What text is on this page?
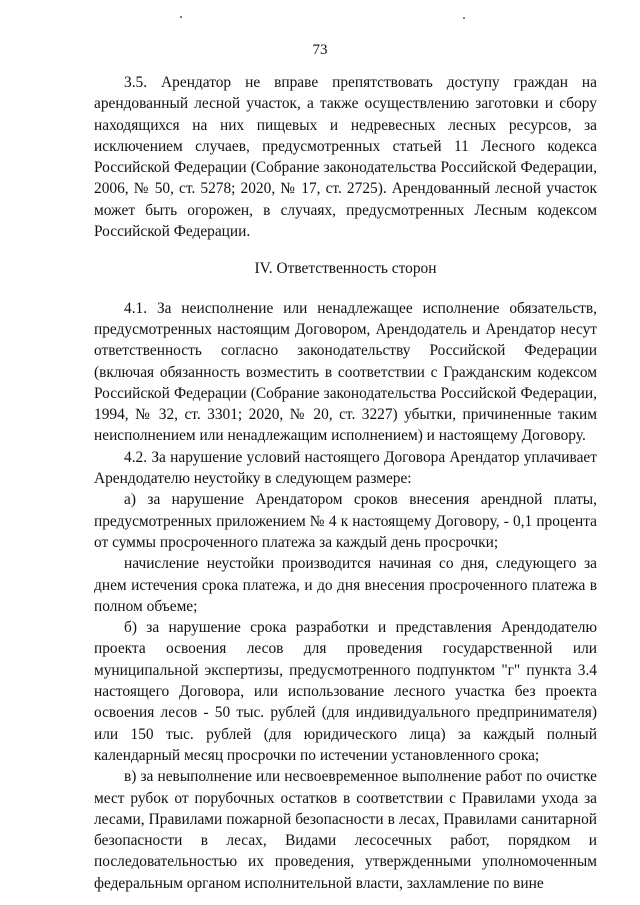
73

3.5. Арендатор не вправе препятствовать доступу граждан на арендованный лесной участок, а также осуществлению заготовки и сбору находящихся на них пищевых и недревесных лесных ресурсов, за исключением случаев, предусмотренных статьей 11 Лесного кодекса Российской Федерации (Собрание законодательства Российской Федерации, 2006, № 50, ст. 5278; 2020, № 17, ст. 2725). Арендованный лесной участок может быть огорожен, в случаях, предусмотренных Лесным кодексом Российской Федерации.

IV. Ответственность сторон

4.1. За неисполнение или ненадлежащее исполнение обязательств, предусмотренных настоящим Договором, Арендодатель и Арендатор несут ответственность согласно законодательству Российской Федерации (включая обязанность возместить в соответствии с Гражданским кодексом Российской Федерации (Собрание законодательства Российской Федерации, 1994, № 32, ст. 3301; 2020, № 20, ст. 3227) убытки, причиненные таким неисполнением или ненадлежащим исполнением) и настоящему Договору.

4.2. За нарушение условий настоящего Договора Арендатор уплачивает Арендодателю неустойку в следующем размере:

а) за нарушение Арендатором сроков внесения арендной платы, предусмотренных приложением № 4 к настоящему Договору, - 0,1 процента от суммы просроченного платежа за каждый день просрочки;

начисление неустойки производится начиная со дня, следующего за днем истечения срока платежа, и до дня внесения просроченного платежа в полном объеме;

б) за нарушение срока разработки и представления Арендодателю проекта освоения лесов для проведения государственной или муниципальной экспертизы, предусмотренного подпунктом "г" пункта 3.4 настоящего Договора, или использование лесного участка без проекта освоения лесов - 50 тыс. рублей (для индивидуального предпринимателя) или 150 тыс. рублей (для юридического лица) за каждый полный календарный месяц просрочки по истечении установленного срока;

в) за невыполнение или несвоевременное выполнение работ по очистке мест рубок от порубочных остатков в соответствии с Правилами ухода за лесами, Правилами пожарной безопасности в лесах, Правилами санитарной безопасности в лесах, Видами лесосечных работ, порядком и последовательностью их проведения, утвержденными уполномоченным федеральным органом исполнительной власти, захламление по вине
